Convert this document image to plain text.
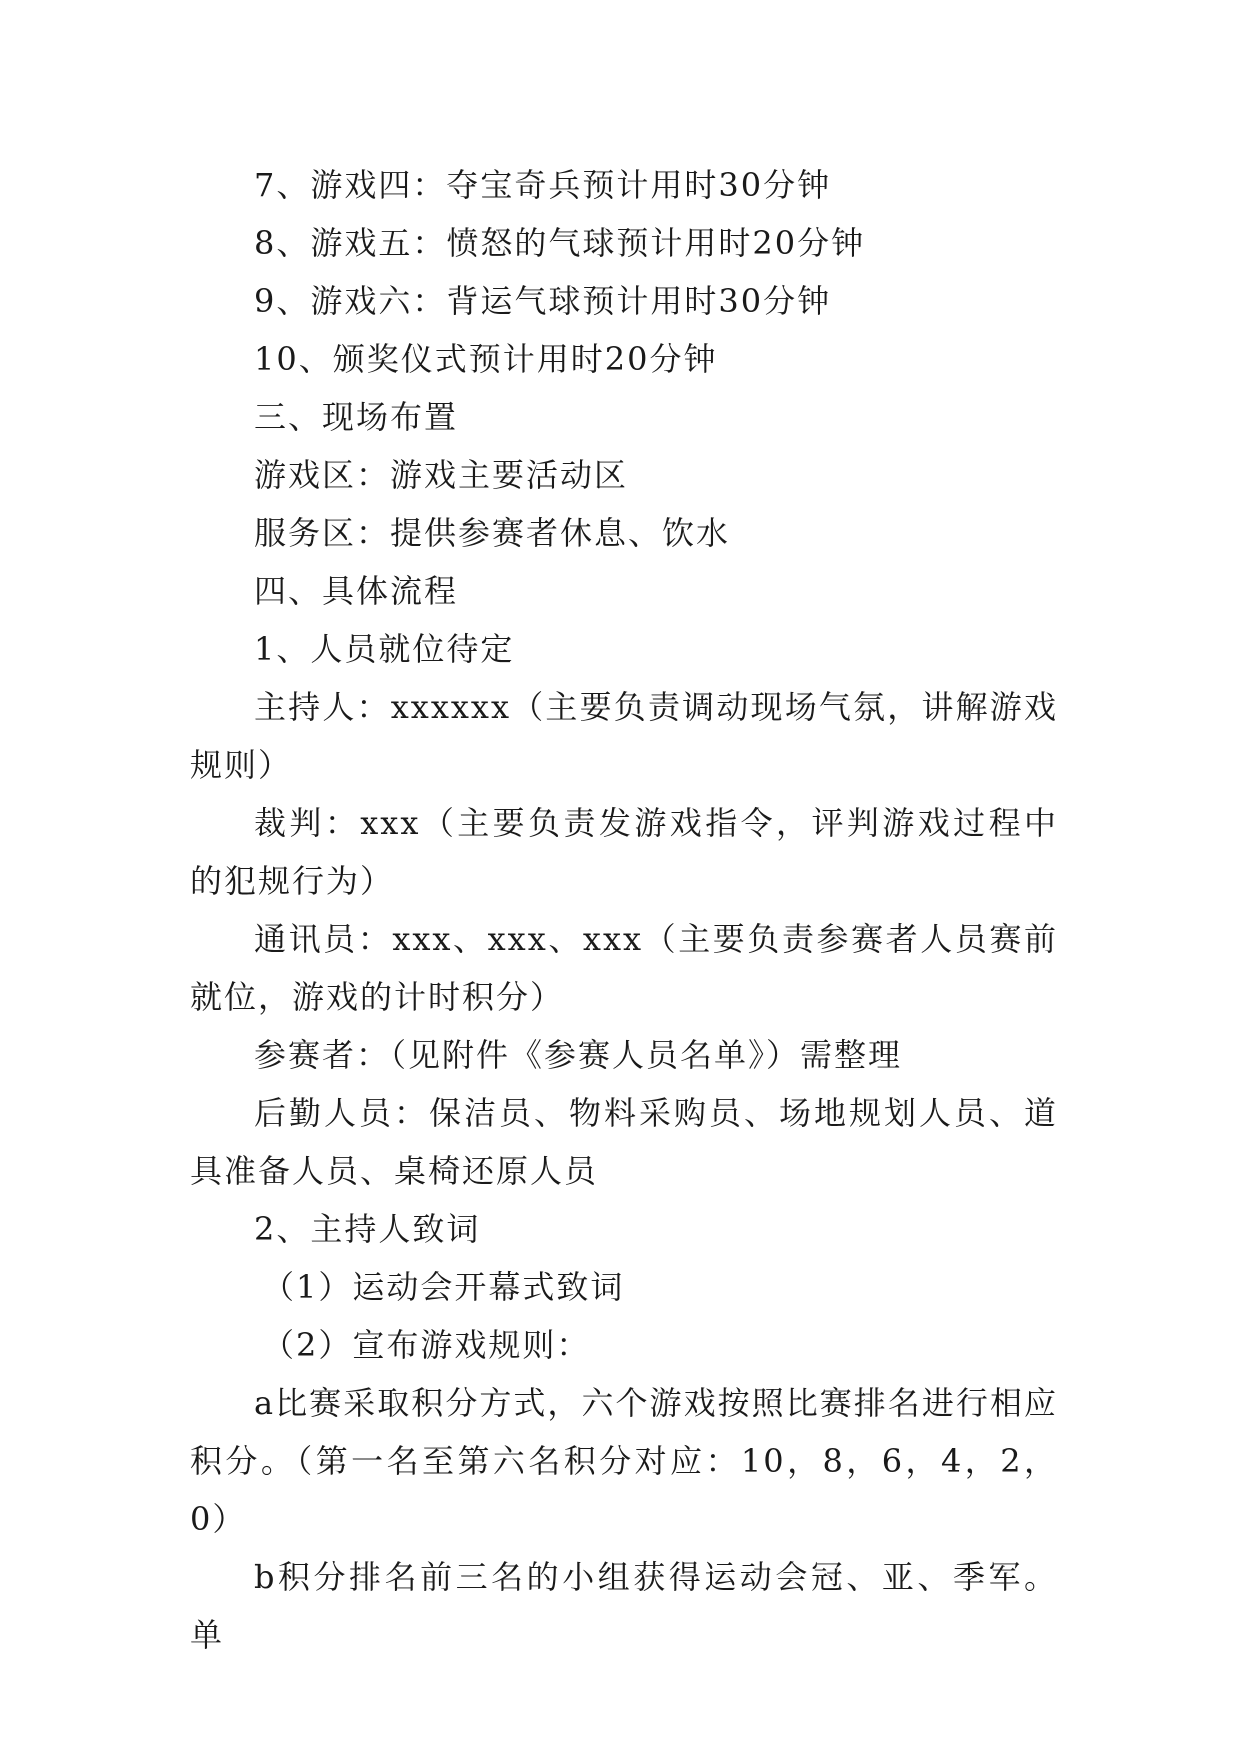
7、游戏四：夺宝奇兵预计用时30分钟

8、游戏五：愤怒的气球预计用时20分钟

9、游戏六：背运气球预计用时30分钟

10、颁奖仪式预计用时20分钟

三、现场布置

游戏区：游戏主要活动区

服务区：提供参赛者休息、饮水

四、具体流程

1、人员就位待定

主持人：xxxxxx（主要负责调动现场气氛，讲解游戏规则）

裁判：xxx（主要负责发游戏指令，评判游戏过程中的犯规行为）

通讯员：xxx、xxx、xxx（主要负责参赛者人员赛前就位，游戏的计时积分）

参赛者：（见附件《参赛人员名单》）需整理

后勤人员：保洁员、物料采购员、场地规划人员、道具准备人员、桌椅还原人员

2、主持人致词

（1）运动会开幕式致词

（2）宣布游戏规则：

a比赛采取积分方式，六个游戏按照比赛排名进行相应积分。（第一名至第六名积分对应：10，8，6，4，2，0）

b积分排名前三名的小组获得运动会冠、亚、季军。单
